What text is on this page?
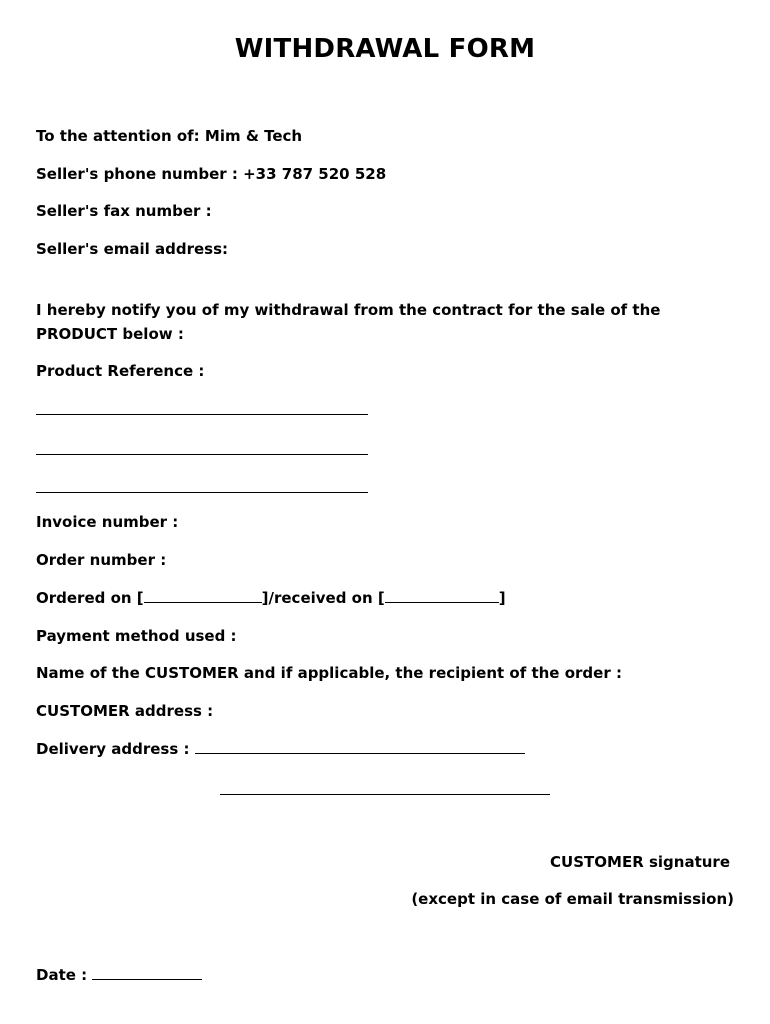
WITHDRAWAL FORM
To the attention of: Mim & Tech
Seller's phone number : +33 787 520 528
Seller's fax number :
Seller's email address:
I hereby notify you of my withdrawal from the contract for the sale of the PRODUCT below :
Product Reference :
Invoice number :
Order number :
Ordered on [	]/received on [	]
Payment method used :
Name of the CUSTOMER and if applicable, the recipient of the order :
CUSTOMER address :
Delivery address :
CUSTOMER signature
(except in case of email transmission)
Date :
